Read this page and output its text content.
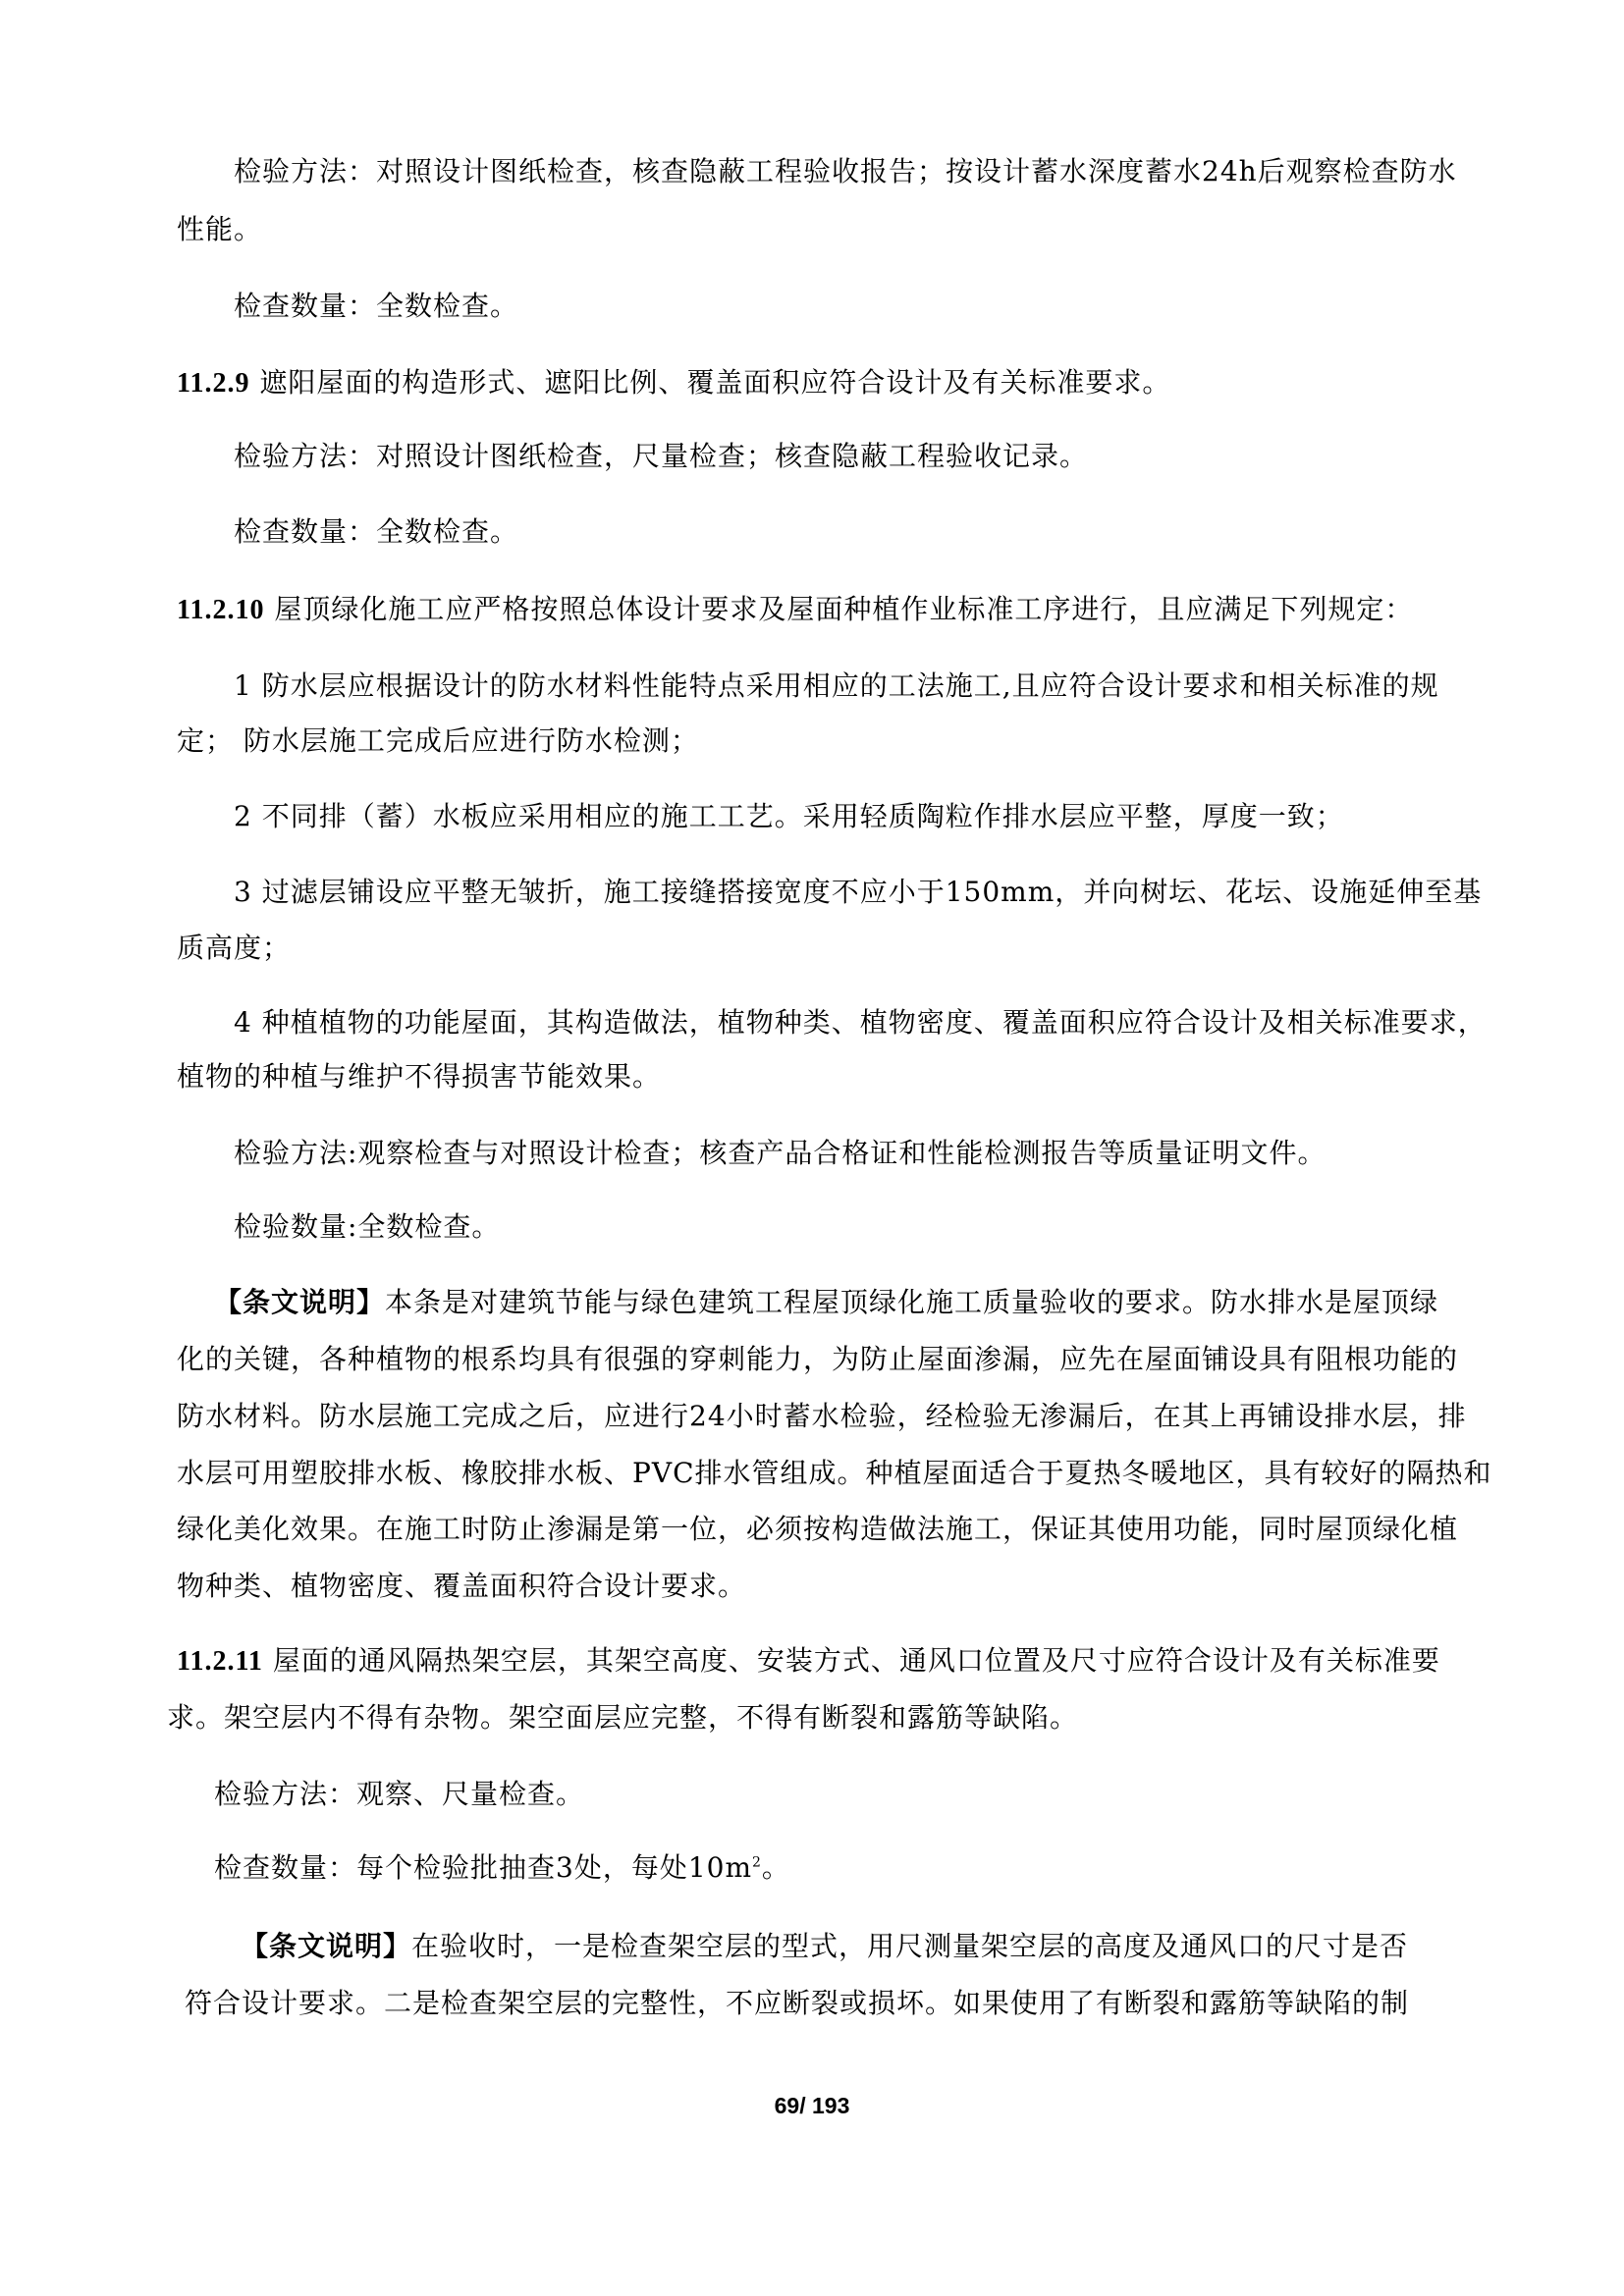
检验方法：对照设计图纸检查，核查隐蔽工程验收报告；按设计蓄水深度蓄水24h后观察检查防水
性能。
检查数量：全数检查。
11.2.9 遮阳屋面的构造形式、遮阳比例、覆盖面积应符合设计及有关标准要求。
检验方法：对照设计图纸检查，尺量检查；核查隐蔽工程验收记录。
检查数量：全数检查。
11.2.10 屋顶绿化施工应严格按照总体设计要求及屋面种植作业标准工序进行，且应满足下列规定：
1 防水层应根据设计的防水材料性能特点采用相应的工法施工,且应符合设计要求和相关标准的规
定； 防水层施工完成后应进行防水检测；
2 不同排（蓄）水板应采用相应的施工工艺。采用轻质陶粒作排水层应平整，厚度一致；
3 过滤层铺设应平整无皱折，施工接缝搭接宽度不应小于150mm，并向树坛、花坛、设施延伸至基
质高度；
4 种植植物的功能屋面，其构造做法，植物种类、植物密度、覆盖面积应符合设计及相关标准要求，
植物的种植与维护不得损害节能效果。
检验方法:观察检查与对照设计检查；核查产品合格证和性能检测报告等质量证明文件。
检验数量:全数检查。
【条文说明】本条是对建筑节能与绿色建筑工程屋顶绿化施工质量验收的要求。防水排水是屋顶绿
化的关键，各种植物的根系均具有很强的穿刺能力，为防止屋面渗漏，应先在屋面铺设具有阻根功能的
防水材料。防水层施工完成之后，应进行24小时蓄水检验，经检验无渗漏后，在其上再铺设排水层，排
水层可用塑胶排水板、橡胶排水板、PVC排水管组成。种植屋面适合于夏热冬暖地区，具有较好的隔热和
绿化美化效果。在施工时防止渗漏是第一位，必须按构造做法施工，保证其使用功能，同时屋顶绿化植
物种类、植物密度、覆盖面积符合设计要求。
11.2.11 屋面的通风隔热架空层，其架空高度、安装方式、通风口位置及尺寸应符合设计及有关标准要
求。架空层内不得有杂物。架空面层应完整，不得有断裂和露筋等缺陷。
检验方法：观察、尺量检查。
检查数量：每个检验批抽查3处，每处$10m^2$。
【条文说明】在验收时，一是检查架空层的型式，用尺测量架空层的高度及通风口的尺寸是否
符合设计要求。二是检查架空层的完整性，不应断裂或损坏。如果使用了有断裂和露筋等缺陷的制
69/ 193
